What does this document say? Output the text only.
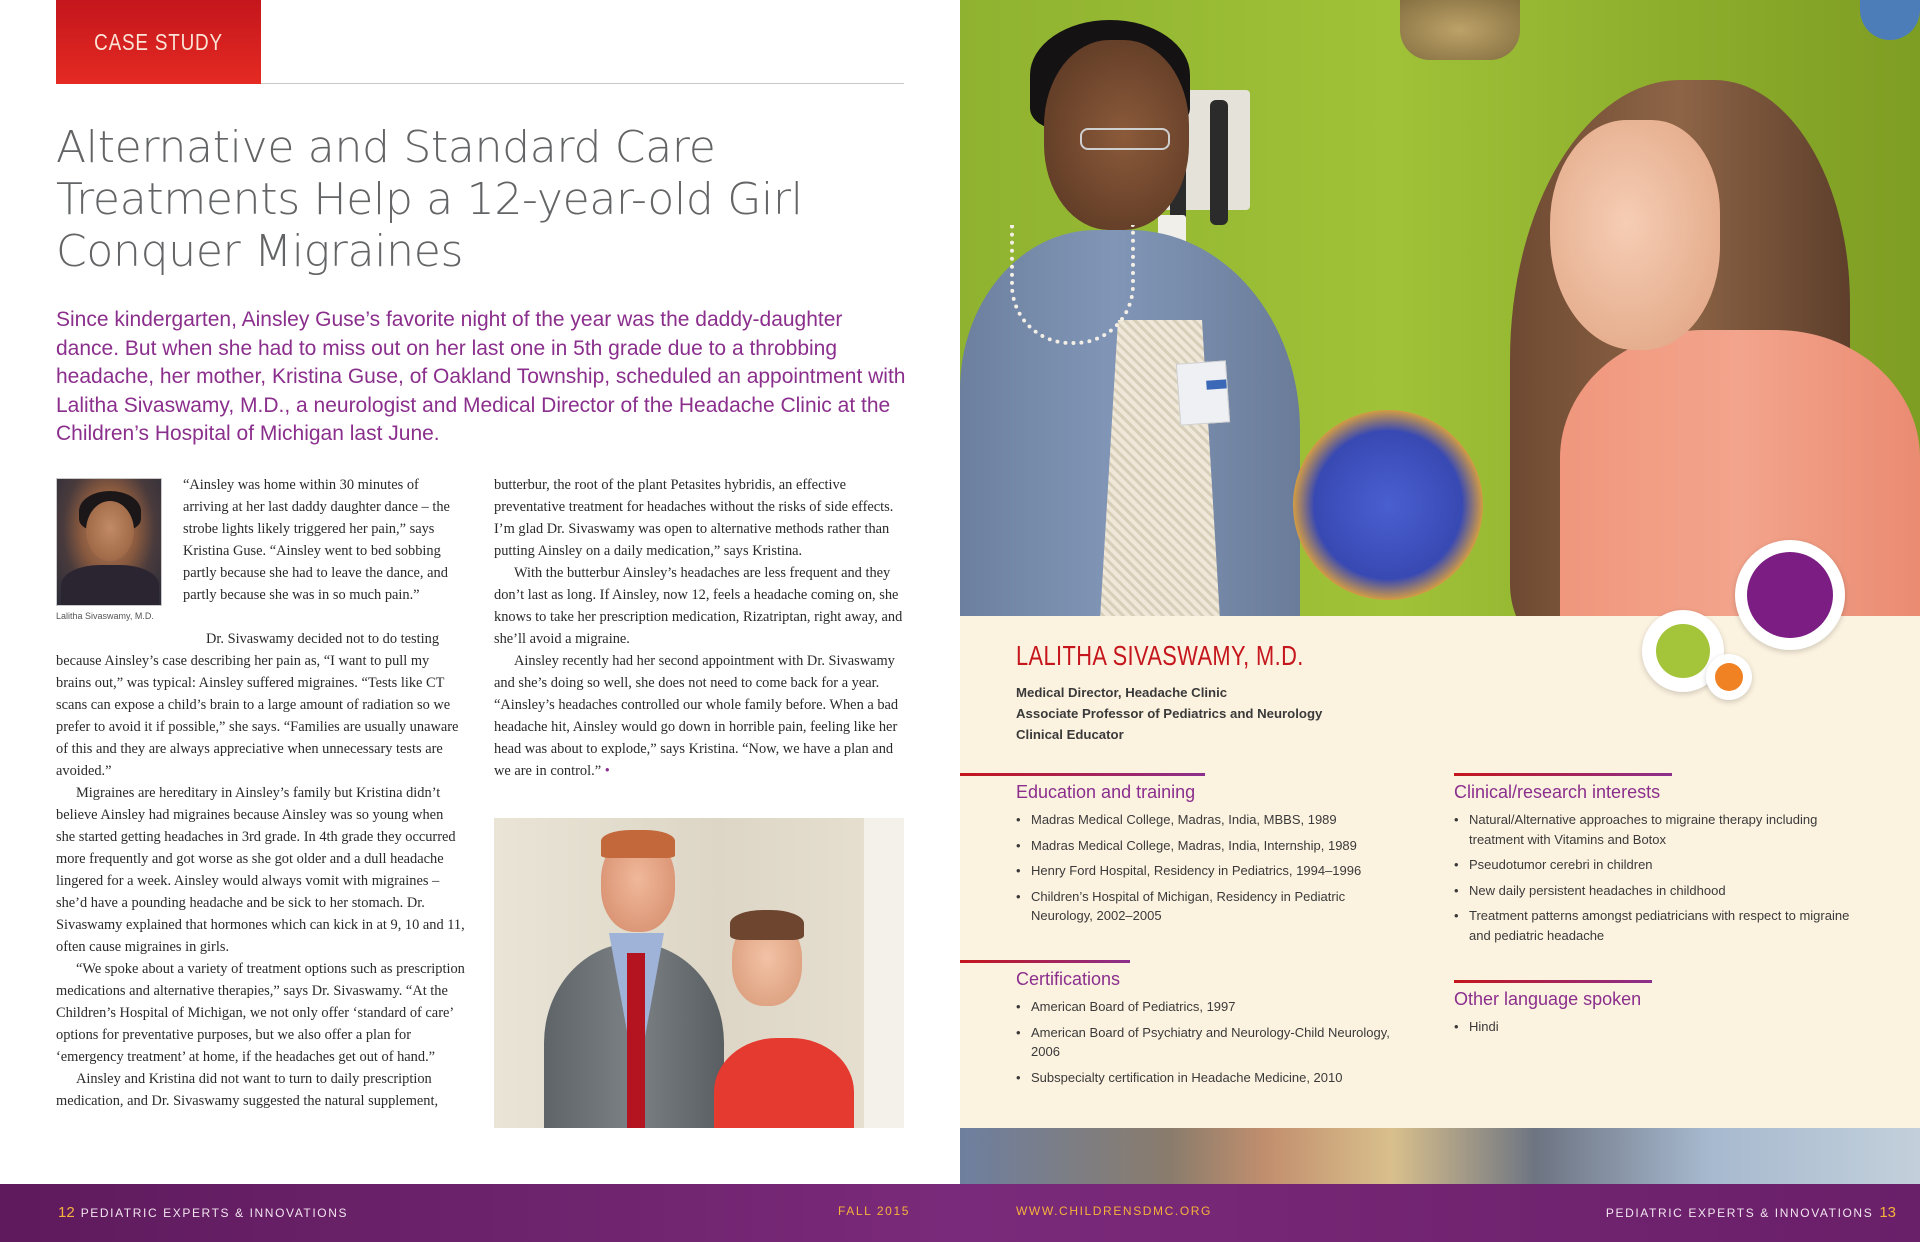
CASE STUDY
Alternative and Standard Care
Treatments Help a 12-year-old Girl
Conquer Migraines

Since kindergarten, Ainsley Guse’s favorite night of the year was the daddy-daughter dance. But when she had to miss out on her last one in 5th grade due to a throbbing headache, her mother, Kristina Guse, of Oakland Township, scheduled an appointment with Lalitha Sivaswamy, M.D., a neurologist and Medical Director of the Headache Clinic at the Children’s Hospital of Michigan last June.

Lalitha Sivaswamy, M.D.

“Ainsley was home within 30 minutes of arriving at her last daddy daughter dance – the strobe lights likely triggered her pain,” says Kristina Guse. “Ainsley went to bed sobbing partly because she had to leave the dance, and partly because she was in so much pain.”

Dr. Sivaswamy decided not to do testing because Ainsley’s case describing her pain as, “I want to pull my brains out,” was typical: Ainsley suffered migraines. “Tests like CT scans can expose a child’s brain to a large amount of radiation so we prefer to avoid it if possible,” she says. “Families are usually unaware of this and they are always appreciative when unnecessary tests are avoided.”

Migraines are hereditary in Ainsley’s family but Kristina didn’t believe Ainsley had migraines because Ainsley was so young when she started getting headaches in 3rd grade. In 4th grade they occurred more frequently and got worse as she got older and a dull headache lingered for a week. Ainsley would always vomit with migraines – she’d have a pounding headache and be sick to her stomach. Dr. Sivaswamy explained that hormones which can kick in at 9, 10 and 11, often cause migraines in girls.

“We spoke about a variety of treatment options such as prescription medications and alternative therapies,” says Dr. Sivaswamy. “At the Children’s Hospital of Michigan, we not only offer ‘standard of care’ options for preventative purposes, but we also offer a plan for ‘emergency treatment’ at home, if the headaches get out of hand.”

Ainsley and Kristina did not want to turn to daily prescription medication, and Dr. Sivaswamy suggested the natural supplement,

butterbur, the root of the plant Petasites hybridis, an effective preventative treatment for headaches without the risks of side effects. I’m glad Dr. Sivaswamy was open to alternative methods rather than putting Ainsley on a daily medication,” says Kristina.

With the butterbur Ainsley’s headaches are less frequent and they don’t last as long. If Ainsley, now 12, feels a headache coming on, she knows to take her prescription medication, Rizatriptan, right away, and she’ll avoid a migraine.

Ainsley recently had her second appointment with Dr. Sivaswamy and she’s doing so well, she does not need to come back for a year. “Ainsley’s headaches controlled our whole family before. When a bad headache hit, Ainsley would go down in horrible pain, feeling like her head was about to explode,” says Kristina. “Now, we have a plan and we are in control.” •

LALITHA SIVASWAMY, M.D.
Medical Director, Headache Clinic
Associate Professor of Pediatrics and Neurology
Clinical Educator
Education and training
• Madras Medical College, Madras, India, MBBS, 1989
• Madras Medical College, Madras, India, Internship, 1989
• Henry Ford Hospital, Residency in Pediatrics, 1994–1996
• Children’s Hospital of Michigan, Residency in Pediatric Neurology, 2002–2005
Certifications
• American Board of Pediatrics, 1997
• American Board of Psychiatry and Neurology-Child Neurology, 2006
• Subspecialty certification in Headache Medicine, 2010
Clinical/research interests
• Natural/Alternative approaches to migraine therapy including treatment with Vitamins and Botox
• Pseudotumor cerebri in children
• New daily persistent headaches in childhood
• Treatment patterns amongst pediatricians with respect to migraine and pediatric headache
Other language spoken
• Hindi
12 PEDIATRIC EXPERTS & INNOVATIONS	FALL 2015	WWW.CHILDRENSDMC.ORG	PEDIATRIC EXPERTS & INNOVATIONS 13
